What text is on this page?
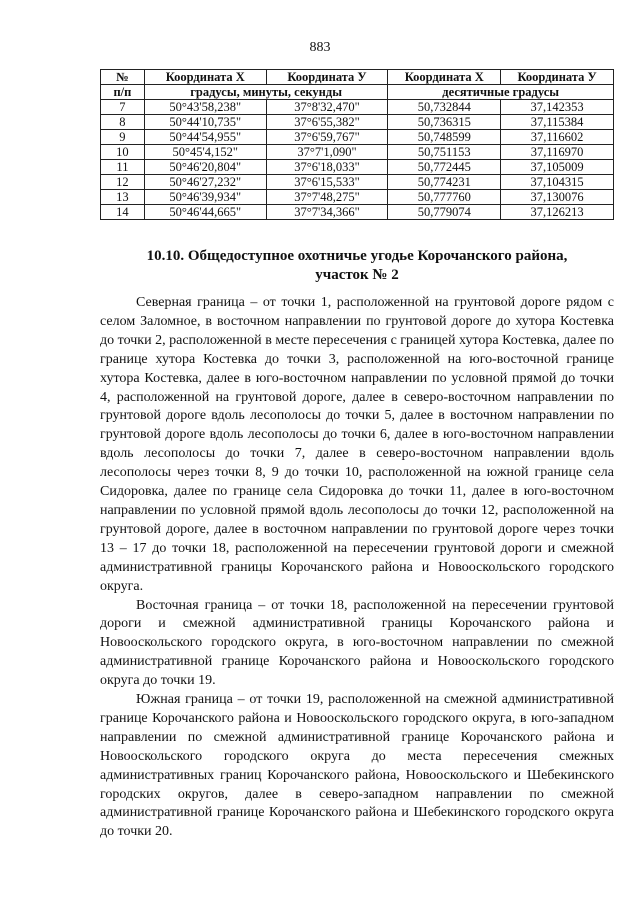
883
№	Координата X	Координата У	Координата X	Координата У
п/п	градусы, минуты, секунды		десятичные градусы	
7	50°43'58,238"	37°8'32,470"	50,732844	37,142353
8	50°44'10,735"	37°6'55,382"	50,736315	37,115384
9	50°44'54,955"	37°6'59,767"	50,748599	37,116602
10	50°45'4,152"	37°7'1,090"	50,751153	37,116970
11	50°46'20,804"	37°6'18,033"	50,772445	37,105009
12	50°46'27,232"	37°6'15,533"	50,774231	37,104315
13	50°46'39,934"	37°7'48,275"	50,777760	37,130076
14	50°46'44,665"	37°7'34,366"	50,779074	37,126213
10.10. Общедоступное охотничье угодье Корочанского района,
участок № 2

Северная граница – от точки 1, расположенной на грунтовой дороге рядом с селом Заломное, в восточном направлении по грунтовой дороге до хутора Костевка до точки 2, расположенной в месте пересечения с границей хутора Костевка, далее по границе хутора Костевка до точки 3, расположенной на юго-восточной границе хутора Костевка, далее в юго-восточном направлении по условной прямой до точки 4, расположенной на грунтовой дороге, далее в северо-восточном направлении по грунтовой дороге вдоль лесополосы до точки 5, далее в восточном направлении по грунтовой дороге вдоль лесополосы до точки 6, далее в юго-восточном направлении вдоль лесополосы до точки 7, далее в северо-восточном направлении вдоль лесополосы через точки 8, 9 до точки 10, расположенной на южной границе села Сидоровка, далее по границе села Сидоровка до точки 11, далее в юго-восточном направлении по условной прямой вдоль лесополосы до точки 12, расположенной на грунтовой дороге, далее в восточном направлении по грунтовой дороге через точки 13 – 17 до точки 18, расположенной на пересечении грунтовой дороги и смежной административной границы Корочанского района и Новооскольского городского округа.

Восточная граница – от точки 18, расположенной на пересечении грунтовой дороги и смежной административной границы Корочанского района и Новооскольского городского округа, в юго-восточном направлении по смежной административной границе Корочанского района и Новооскольского городского округа до точки 19.

Южная граница – от точки 19, расположенной на смежной административной границе Корочанского района и Новооскольского городского округа, в юго-западном направлении по смежной административной границе Корочанского района и Новооскольского городского округа до места пересечения смежных административных границ Корочанского района, Новооскольского и Шебекинского городских округов, далее в северо-западном направлении по смежной административной границе Корочанского района и Шебекинского городского округа до точки 20.
